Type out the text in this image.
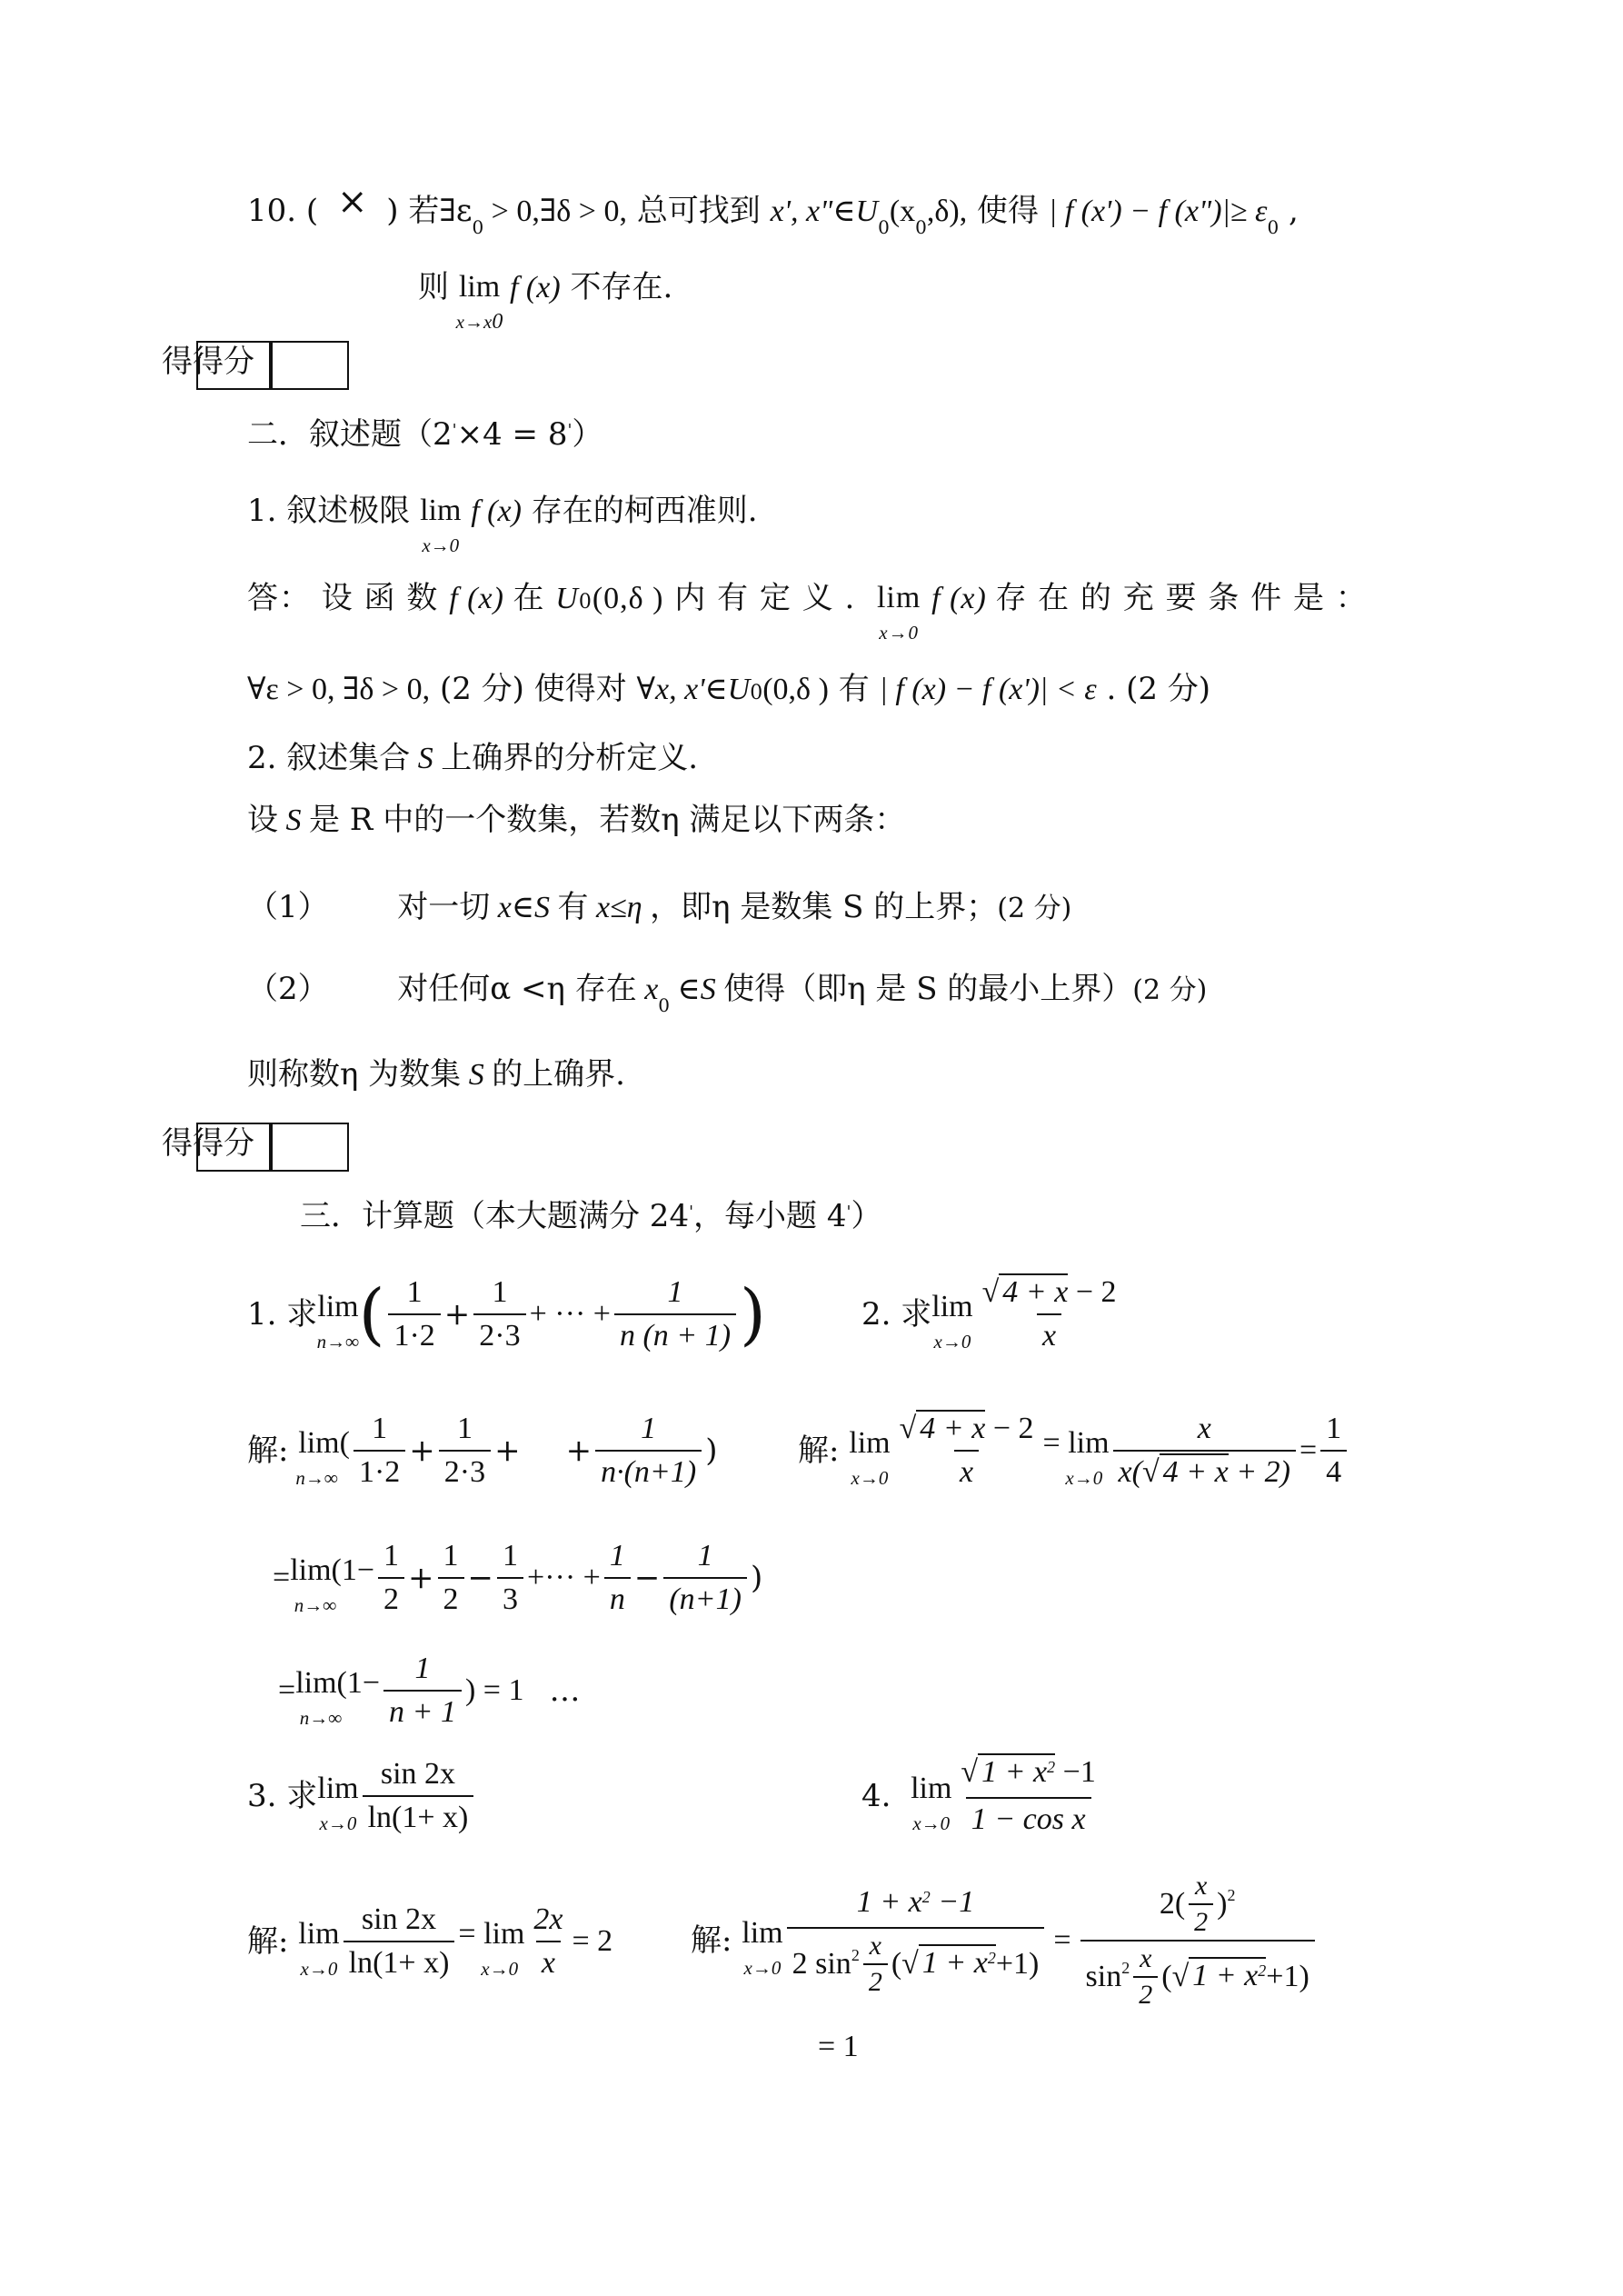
10. ( × ) 若$\exists\varepsilon_0$ > 0,∃δ > 0, 总可找到 x', $x"\in U_0(x_0,\delta)$, 使得 | f (x') − f (x")|≥ $\varepsilon_0$ ,
则 lim
x→x0
f (x) 不存在.
得得分
二．叙述题（2'×4 = 8'）
1. 叙述极限 lim
x→0
f (x) 存在的柯西准则.
答： 设 函 数 f (x) 在 U0(0,δ ) 内 有 定 义 . lim
x→0
f (x) 存 在 的 充 要 条 件 是 ：
∀ε > 0, ∃δ > 0, (2 分) 使得对 ∀x, x'∈U0(0,δ ) 有 | f (x) − f (x')| < ε . (2 分)
2. 叙述集合 S 上确界的分析定义.
设 S 是 R 中的一个数集，若数η 满足以下两条：
（1） 对一切 x∈S 有 x≤η ，即η 是数集 S 的上界；(2 分)
（2） 对任何α <η 存在 $x_0$ ∈S 使得（即η 是 S 的最小上界）(2 分)
则称数η 为数集 S 的上确界.
得得分
三．计算题（本大题满分 24'，每小题 4'）
1. 求 lim
n→∞ ( $\frac{1}{1\cdot 2} + \frac{1}{2\cdot 3}$ + ··· + $\frac{1}{n (n + 1)}$ )	2. 求 lim
$x\to 0 \frac{√ 4 + x - 2}{x}$
解:
lim(
$n\to\infty \frac{1}{1\cdot 2} + \frac{1}{2\cdot 3}$ +
+ $\frac{1}{n\cdot(n+1)}$ )	解:
lim
$x\to 0 \frac{√ 4 + x - 2}{x} = \lim$
$x\to 0 \frac{x}{x(√ 4 + x + 2)} = \frac{1}{4}$
= lim(1−
$n\to\infty \frac{1}{2} + \frac{1}{2} - \frac{1}{3}$ +··· + $\frac{1}{n} - \frac{1}{(n+1)}$ )
= lim(1−
$n\to\infty \frac{1}{n + 1}$ ) = 1 …
3. 求 lim
$x\to 0 \frac{\sin 2x}{\ln(1+ x)}$	4.
lim
$x\to 0 \frac{√ 1 + x^2 -1}{\text{1 − cos x}}$
解:
lim
$x\to 0 \frac{\sin 2x}{\ln(1+ x)} = \lim$
$x\to 0 \frac{2x}{x} = 2$	解:
lim
$x\to 0 \frac{1 + x^2 -1}{2 \sin 2 \frac{x}{2} ( √ 1 + x^2 +1)} = \frac{2( \frac{x}{2} ) 2}{\sin 2 \frac{x}{2} ( √ 1 + x^2 +1)}$
= 1
